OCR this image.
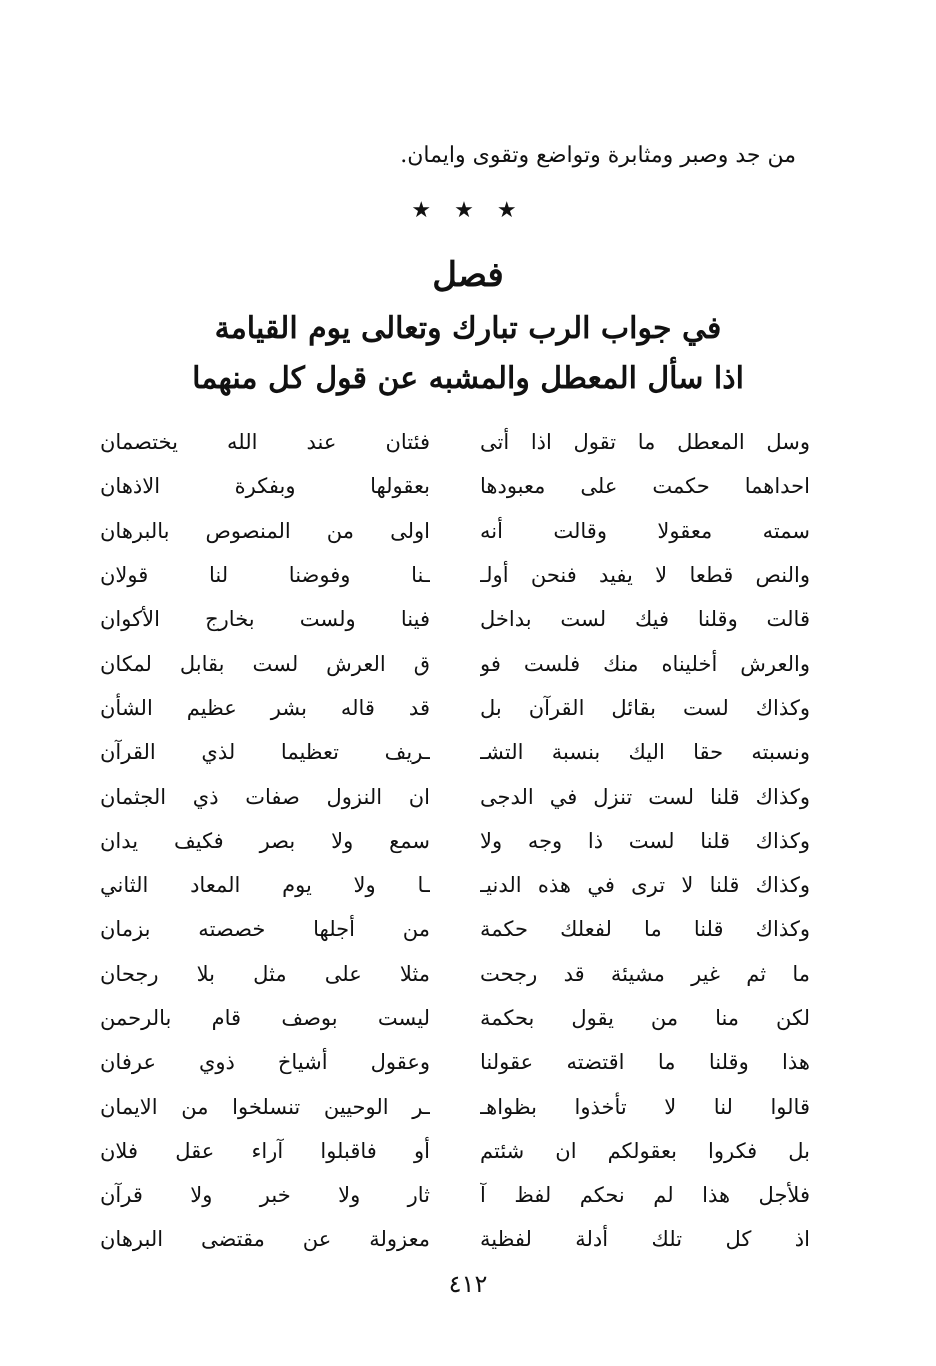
من جد وصبر ومثابرة وتواضع وتقوى وايمان.
★ ★ ★
فصل
في جواب الرب تبارك وتعالى يوم القيامة
اذا سأل المعطل والمشبه عن قول كل منهما
وسل المعطل ما تقول اذا أتى
فئتان عند الله يختصمان
احداهما حكمت على معبودها
بعقولها وبفكرة الاذهان
سمته معقولا وقالت أنه
اولى من المنصوص بالبرهان
والنص قطعا لا يفيد فنحن أولـ
ـنا وفوضنا لنا قولان
قالت وقلنا فيك لست بداخل
فينا ولست بخارج الأكوان
والعرش أخليناه منك فلست فو
ق العرش لست بقابل لمكان
وكذاك لست بقائل القرآن بل
قد قاله بشر عظيم الشأن
ونسبته حقا اليك بنسبة التشـ
ـريف تعظيما لذي القرآن
وكذاك قلنا لست تنزل في الدجى
ان النزول صفات ذي الجثمان
وكذاك قلنا لست ذا وجه ولا
سمع ولا بصر فكيف يدان
وكذاك قلنا لا ترى في هذه الدنيـ
ـا ولا يوم المعاد الثاني
وكذاك قلنا ما لفعلك حكمة
من أجلها خصصته بزمان
ما ثم غير مشيئة قد رجحت
مثلا على مثل بلا رجحان
لكن منا من يقول بحكمة
ليست بوصف قام بالرحمن
هذا وقلنا ما اقتضته عقولنا
وعقول أشياخ ذوي عرفان
قالوا لنا لا تأخذوا بظواهـ
ـر الوحيين تنسلخوا من الايمان
بل فكروا بعقولكم ان شئتم
أو فاقبلوا آراء عقل فلان
فلأجل هذا لم نحكم لفظ آ
ثار ولا خبر ولا قرآن
اذ كل تلك أدلة لفظية
معزولة عن مقتضى البرهان
٤١٢
